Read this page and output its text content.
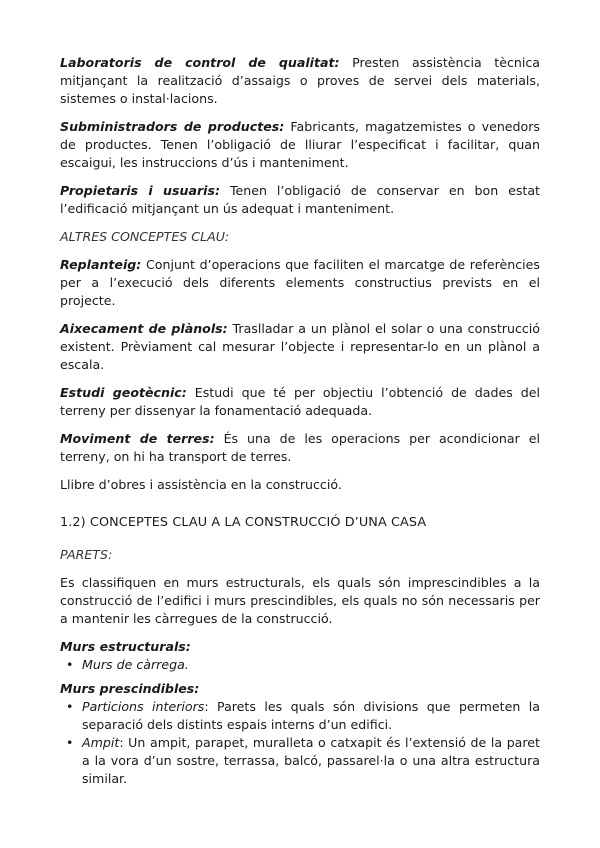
Laboratoris de control de qualitat: Presten assistència tècnica mitjançant la realització d’assaigs o proves de servei dels materials, sistemes o instal·lacions.

Subministradors de productes: Fabricants, magatzemistes o venedors de productes. Tenen l’obligació de lliurar l’especificat i facilitar, quan escaigui, les instruccions d’ús i manteniment.

Propietaris i usuaris: Tenen l’obligació de conservar en bon estat l’edificació mitjançant un ús adequat i manteniment.

ALTRES CONCEPTES CLAU:

Replanteig: Conjunt d’operacions que faciliten el marcatge de referències per a l’execució dels diferents elements constructius prevists en el projecte.

Aixecament de plànols: Traslladar a un plànol el solar o una construcció existent. Prèviament cal mesurar l’objecte i representar-lo en un plànol a escala.

Estudi geotècnic: Estudi que té per objectiu l’obtenció de dades del terreny per dissenyar la fonamentació adequada.

Moviment de terres: És una de les operacions per acondicionar el terreny, on hi ha transport de terres.

Llibre d’obres i assistència en la construcció.

1.2) CONCEPTES CLAU A LA CONSTRUCCIÓ D’UNA CASA
PARETS:

Es classifiquen en murs estructurals, els quals són imprescindibles a la construcció de l’edifici i murs prescindibles, els quals no són necessaris per a mantenir les càrregues de la construcció.

Murs estructurals:
• Murs de càrrega.
Murs prescindibles:
• Particions interiors: Parets les quals són divisions que permeten la separació dels distints espais interns d’un edifici.
• Ampit: Un ampit, parapet, muralleta o catxapit és l’extensió de la paret a la vora d’un sostre, terrassa, balcó, passarel·la o una altra estructura similar.
